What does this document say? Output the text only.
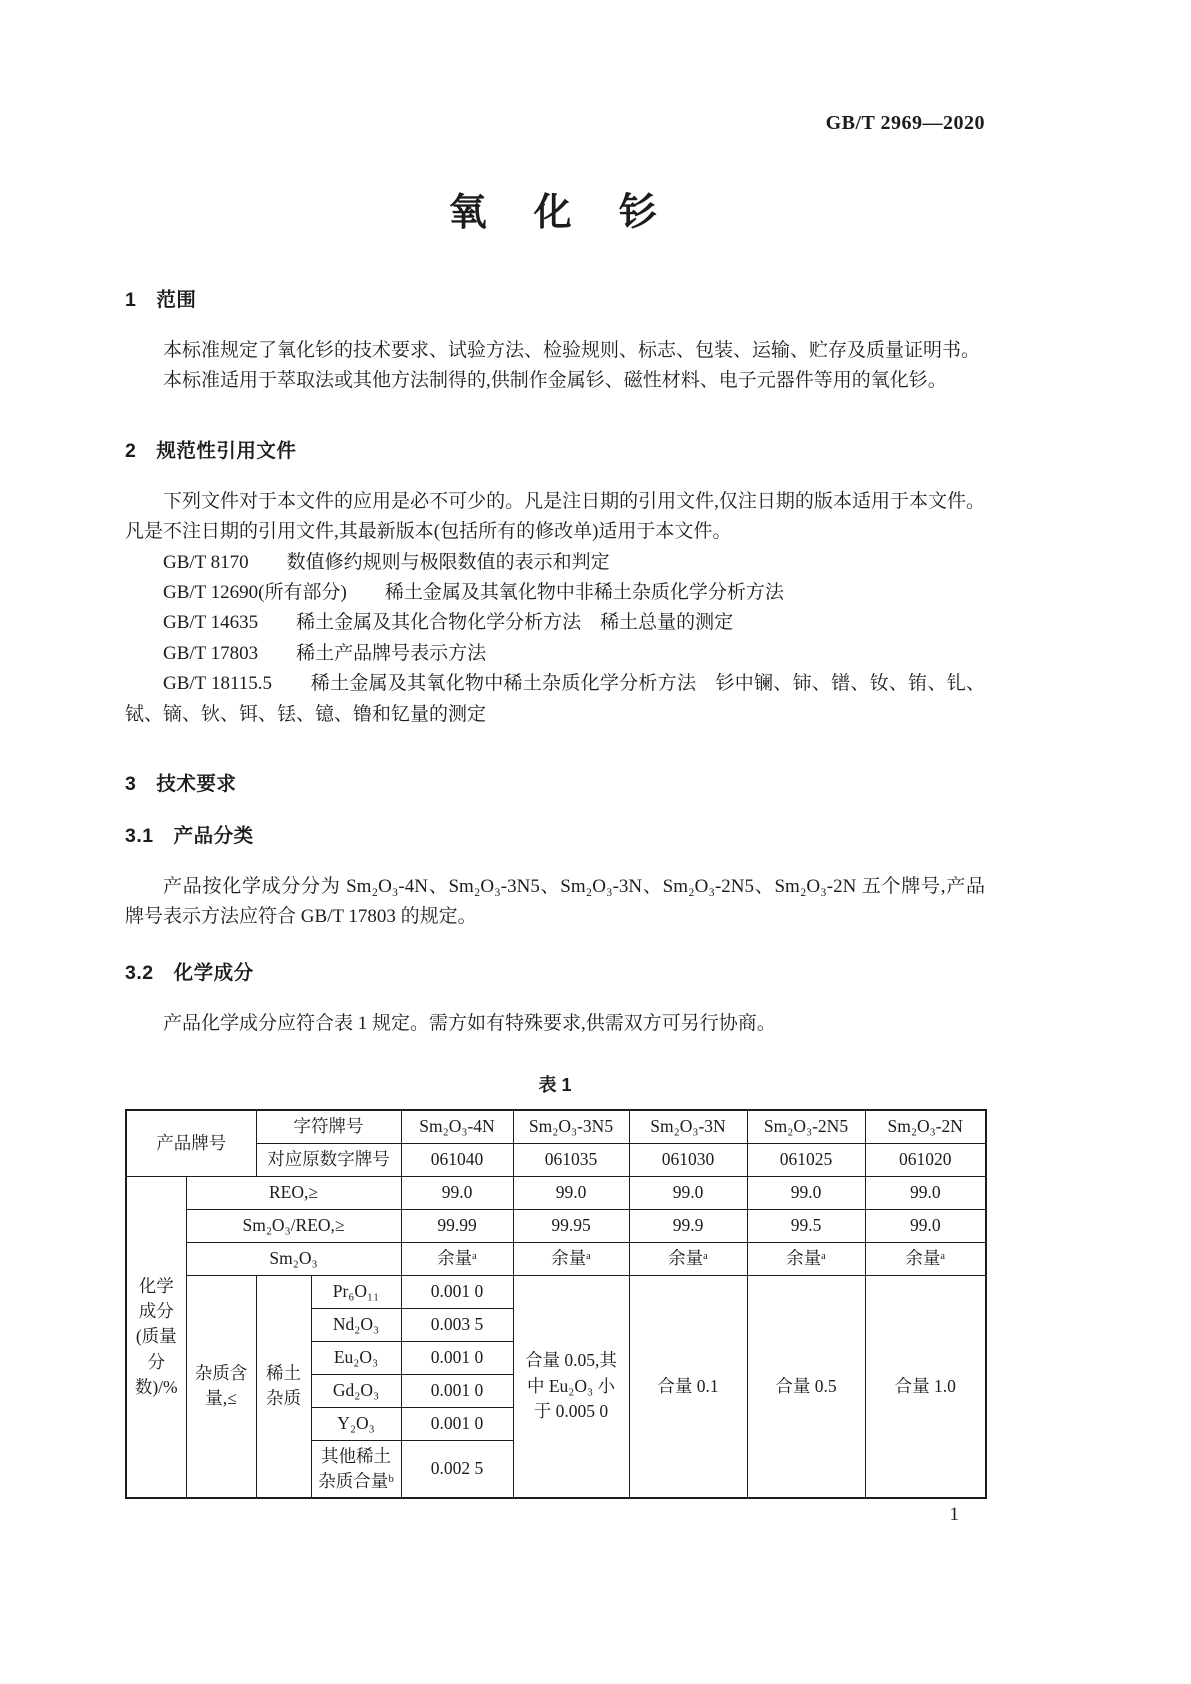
GB/T 2969—2020
氧　化　钐
1　范围

本标准规定了氧化钐的技术要求、试验方法、检验规则、标志、包装、运输、贮存及质量证明书。

本标准适用于萃取法或其他方法制得的,供制作金属钐、磁性材料、电子元器件等用的氧化钐。

2　规范性引用文件

下列文件对于本文件的应用是必不可少的。凡是注日期的引用文件,仅注日期的版本适用于本文件。凡是不注日期的引用文件,其最新版本(包括所有的修改单)适用于本文件。

GB/T 8170　　数值修约规则与极限数值的表示和判定

GB/T 12690(所有部分)　　稀土金属及其氧化物中非稀土杂质化学分析方法

GB/T 14635　　稀土金属及其化合物化学分析方法　稀土总量的测定

GB/T 17803　　稀土产品牌号表示方法

GB/T 18115.5　　稀土金属及其氧化物中稀土杂质化学分析方法　钐中镧、铈、镨、钕、铕、钆、铽、镝、钬、铒、铥、镱、镥和钇量的测定

3　技术要求
3.1　产品分类

产品按化学成分分为 Sm₂O₃-4N、Sm₂O₃-3N5、Sm₂O₃-3N、Sm₂O₃-2N5、Sm₂O₃-2N 五个牌号,产品牌号表示方法应符合 GB/T 17803 的规定。

3.2　化学成分

产品化学成分应符合表 1 规定。需方如有特殊要求,供需双方可另行协商。

表 1
产品牌号		字符牌号		Sm₂O₃-4N	Sm₂O₃-3N5	Sm₂O₃-3N	Sm₂O₃-2N5	Sm₂O₃-2N
		对应原数字牌号		061040	061035	061030	061025	061020
化学成分(质量分数)/%	REO,≥			99.0	99.0	99.0	99.0	99.0
	Sm₂O₃/REO,≥			99.99	99.95	99.9	99.5	99.0
	Sm₂O₃			余量ᵃ	余量ᵃ	余量ᵃ	余量ᵃ	余量ᵃ
	杂质含量,≤	稀土杂质	Pr₆O₁₁	0.001 0	合量 0.05,其中 Eu₂O₃ 小于 0.005 0	合量 0.1	合量 0.5	合量 1.0
			Nd₂O₃	0.003 5				
			Eu₂O₃	0.001 0				
			Gd₂O₃	0.001 0				
			Y₂O₃	0.001 0				
			其他稀土杂质合量ᵇ	0.002 5				
1
